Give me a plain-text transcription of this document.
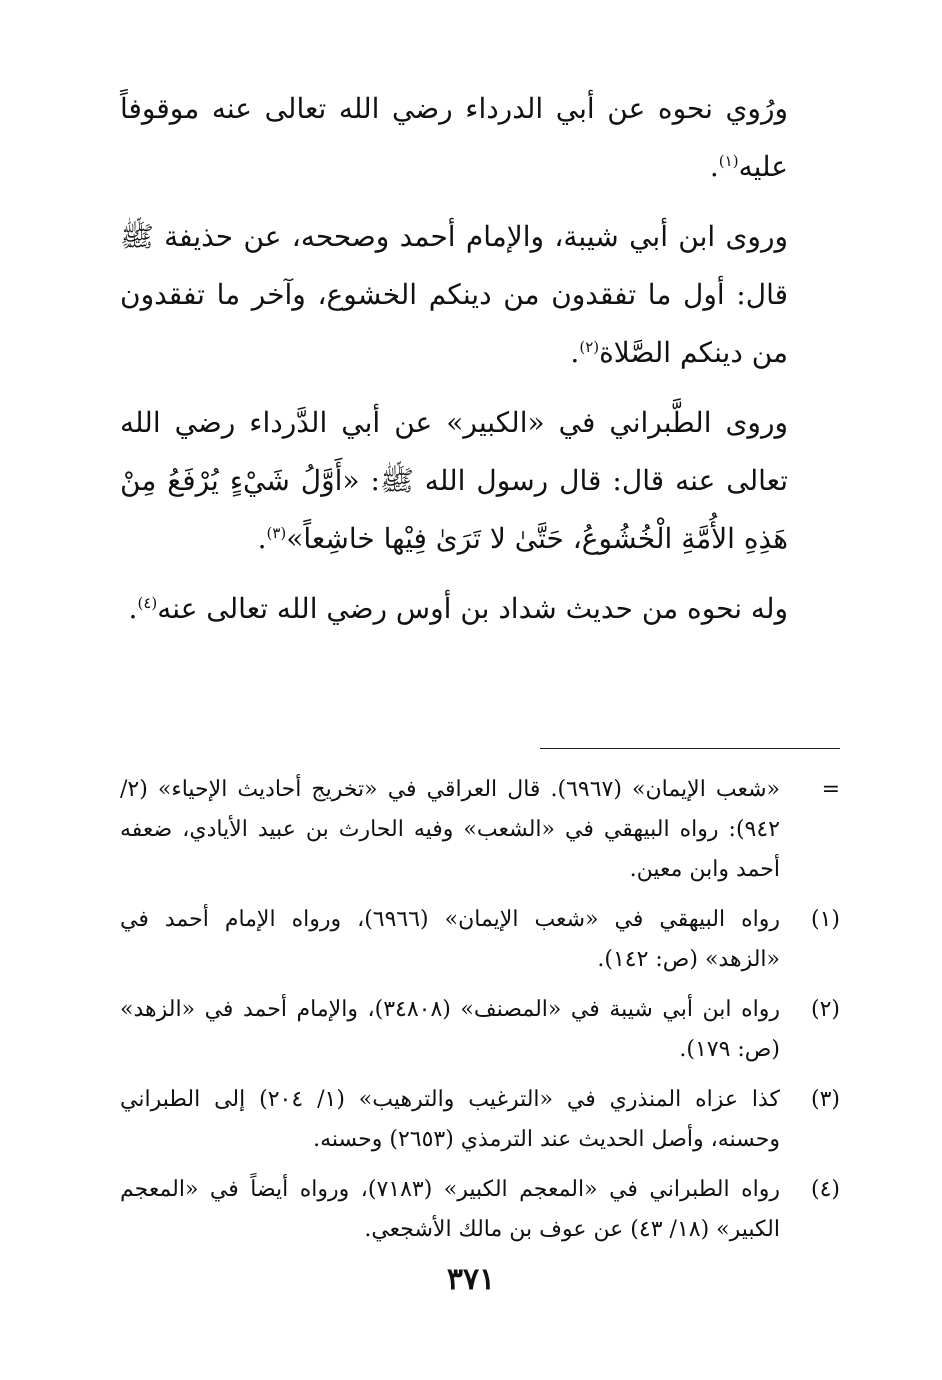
ورُوي نحوه عن أبي الدرداء رضي الله تعالى عنه موقوفاً عليه$^{(١)}$.

وروى ابن أبي شيبة، والإمام أحمد وصححه، عن حذيفة ﷺ قال: أول ما تفقدون من دينكم الخشوع، وآخر ما تفقدون من دينكم الصَّلاة$^{(٢)}$.

وروى الطَّبراني في «الكبير» عن أبي الدَّرداء رضي الله تعالى عنه قال: قال رسول الله ﷺ: «أَوَّلُ شَيْءٍ يُرْفَعُ مِنْ هَذِهِ الأُمَّةِ الْخُشُوعُ، حَتَّىٰ لا تَرَىٰ فِيْها خاشِعاً»$^{(٣)}$.

وله نحوه من حديث شداد بن أوس رضي الله تعالى عنه$^{(٤)}$.

=
«شعب الإيمان» (٦٩٦٧). قال العراقي في «تخريج أحاديث الإحياء» (٢/ ٩٤٢): رواه البيهقي في «الشعب» وفيه الحارث بن عبيد الأيادي، ضعفه أحمد وابن معين.
(١)
رواه البيهقي في «شعب الإيمان» (٦٩٦٦)، ورواه الإمام أحمد في «الزهد» (ص: ١٤٢).
(٢)
رواه ابن أبي شيبة في «المصنف» (٣٤٨٠٨)، والإمام أحمد في «الزهد» (ص: ١٧٩).
(٣)
كذا عزاه المنذري في «الترغيب والترهيب» (١/ ٢٠٤) إلى الطبراني وحسنه، وأصل الحديث عند الترمذي (٢٦٥٣) وحسنه.
(٤)
رواه الطبراني في «المعجم الكبير» (٧١٨٣)، ورواه أيضاً في «المعجم الكبير» (١٨/ ٤٣) عن عوف بن مالك الأشجعي.
٣٧١
